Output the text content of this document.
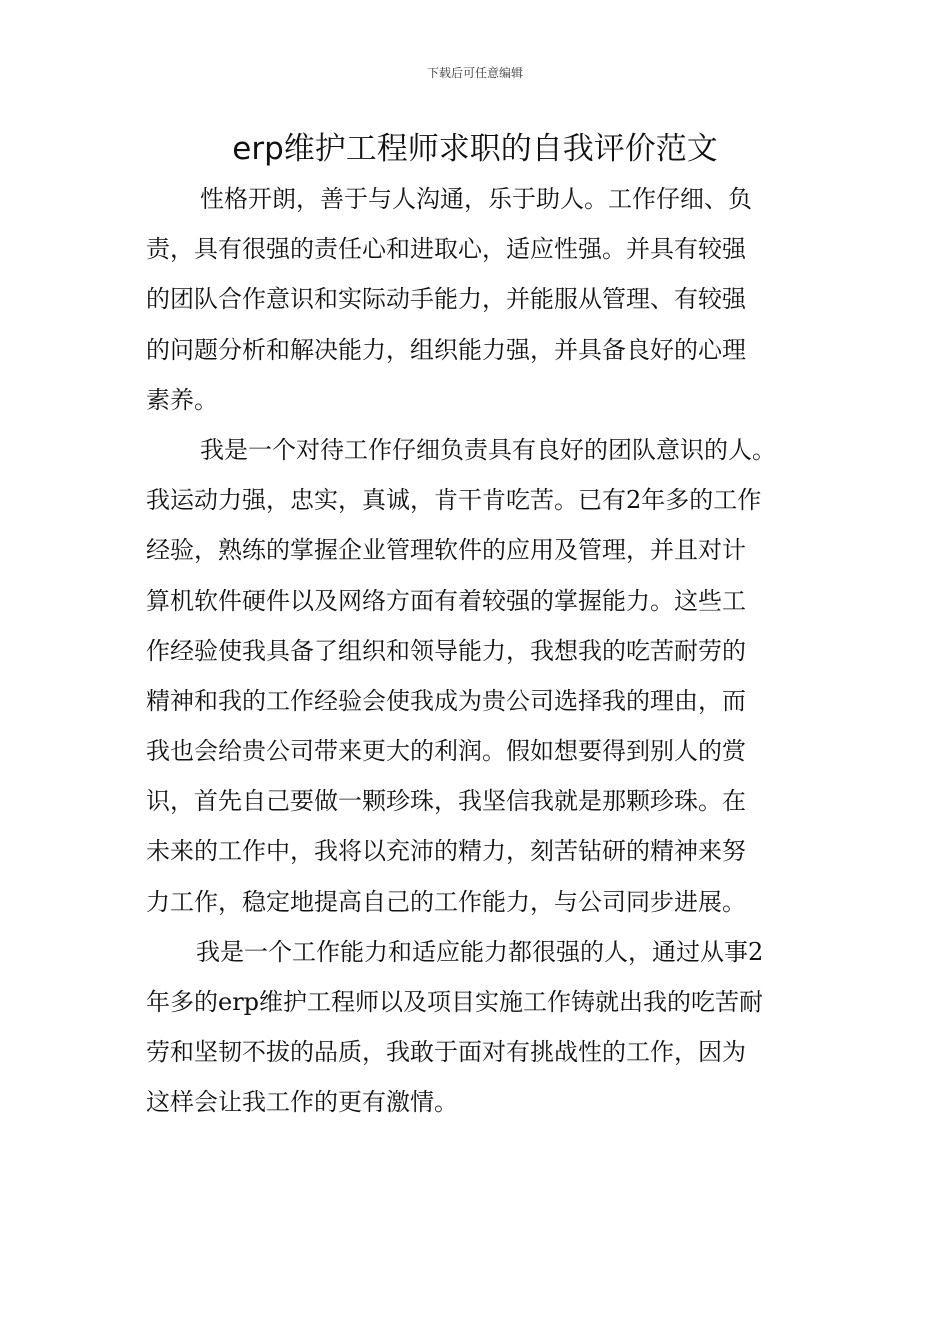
下载后可任意编辑
erp维护工程师求职的自我评价范文
性格开朗，善于与人沟通，乐于助人。工作仔细、负
责，具有很强的责任心和进取心，适应性强。并具有较强
的团队合作意识和实际动手能力，并能服从管理、有较强
的问题分析和解决能力，组织能力强，并具备良好的心理
素养。
我是一个对待工作仔细负责具有良好的团队意识的人。
我运动力强，忠实，真诚，肯干肯吃苦。已有2年多的工作
经验，熟练的掌握企业管理软件的应用及管理，并且对计
算机软件硬件以及网络方面有着较强的掌握能力。这些工
作经验使我具备了组织和领导能力，我想我的吃苦耐劳的
精神和我的工作经验会使我成为贵公司选择我的理由，而
我也会给贵公司带来更大的利润。假如想要得到别人的赏
识，首先自己要做一颗珍珠，我坚信我就是那颗珍珠。在
未来的工作中，我将以充沛的精力，刻苦钻研的精神来努
力工作，稳定地提高自己的工作能力，与公司同步进展。
我是一个工作能力和适应能力都很强的人，通过从事2
年多的erp维护工程师以及项目实施工作铸就出我的吃苦耐
劳和坚韧不拔的品质，我敢于面对有挑战性的工作，因为
这样会让我工作的更有激情。
